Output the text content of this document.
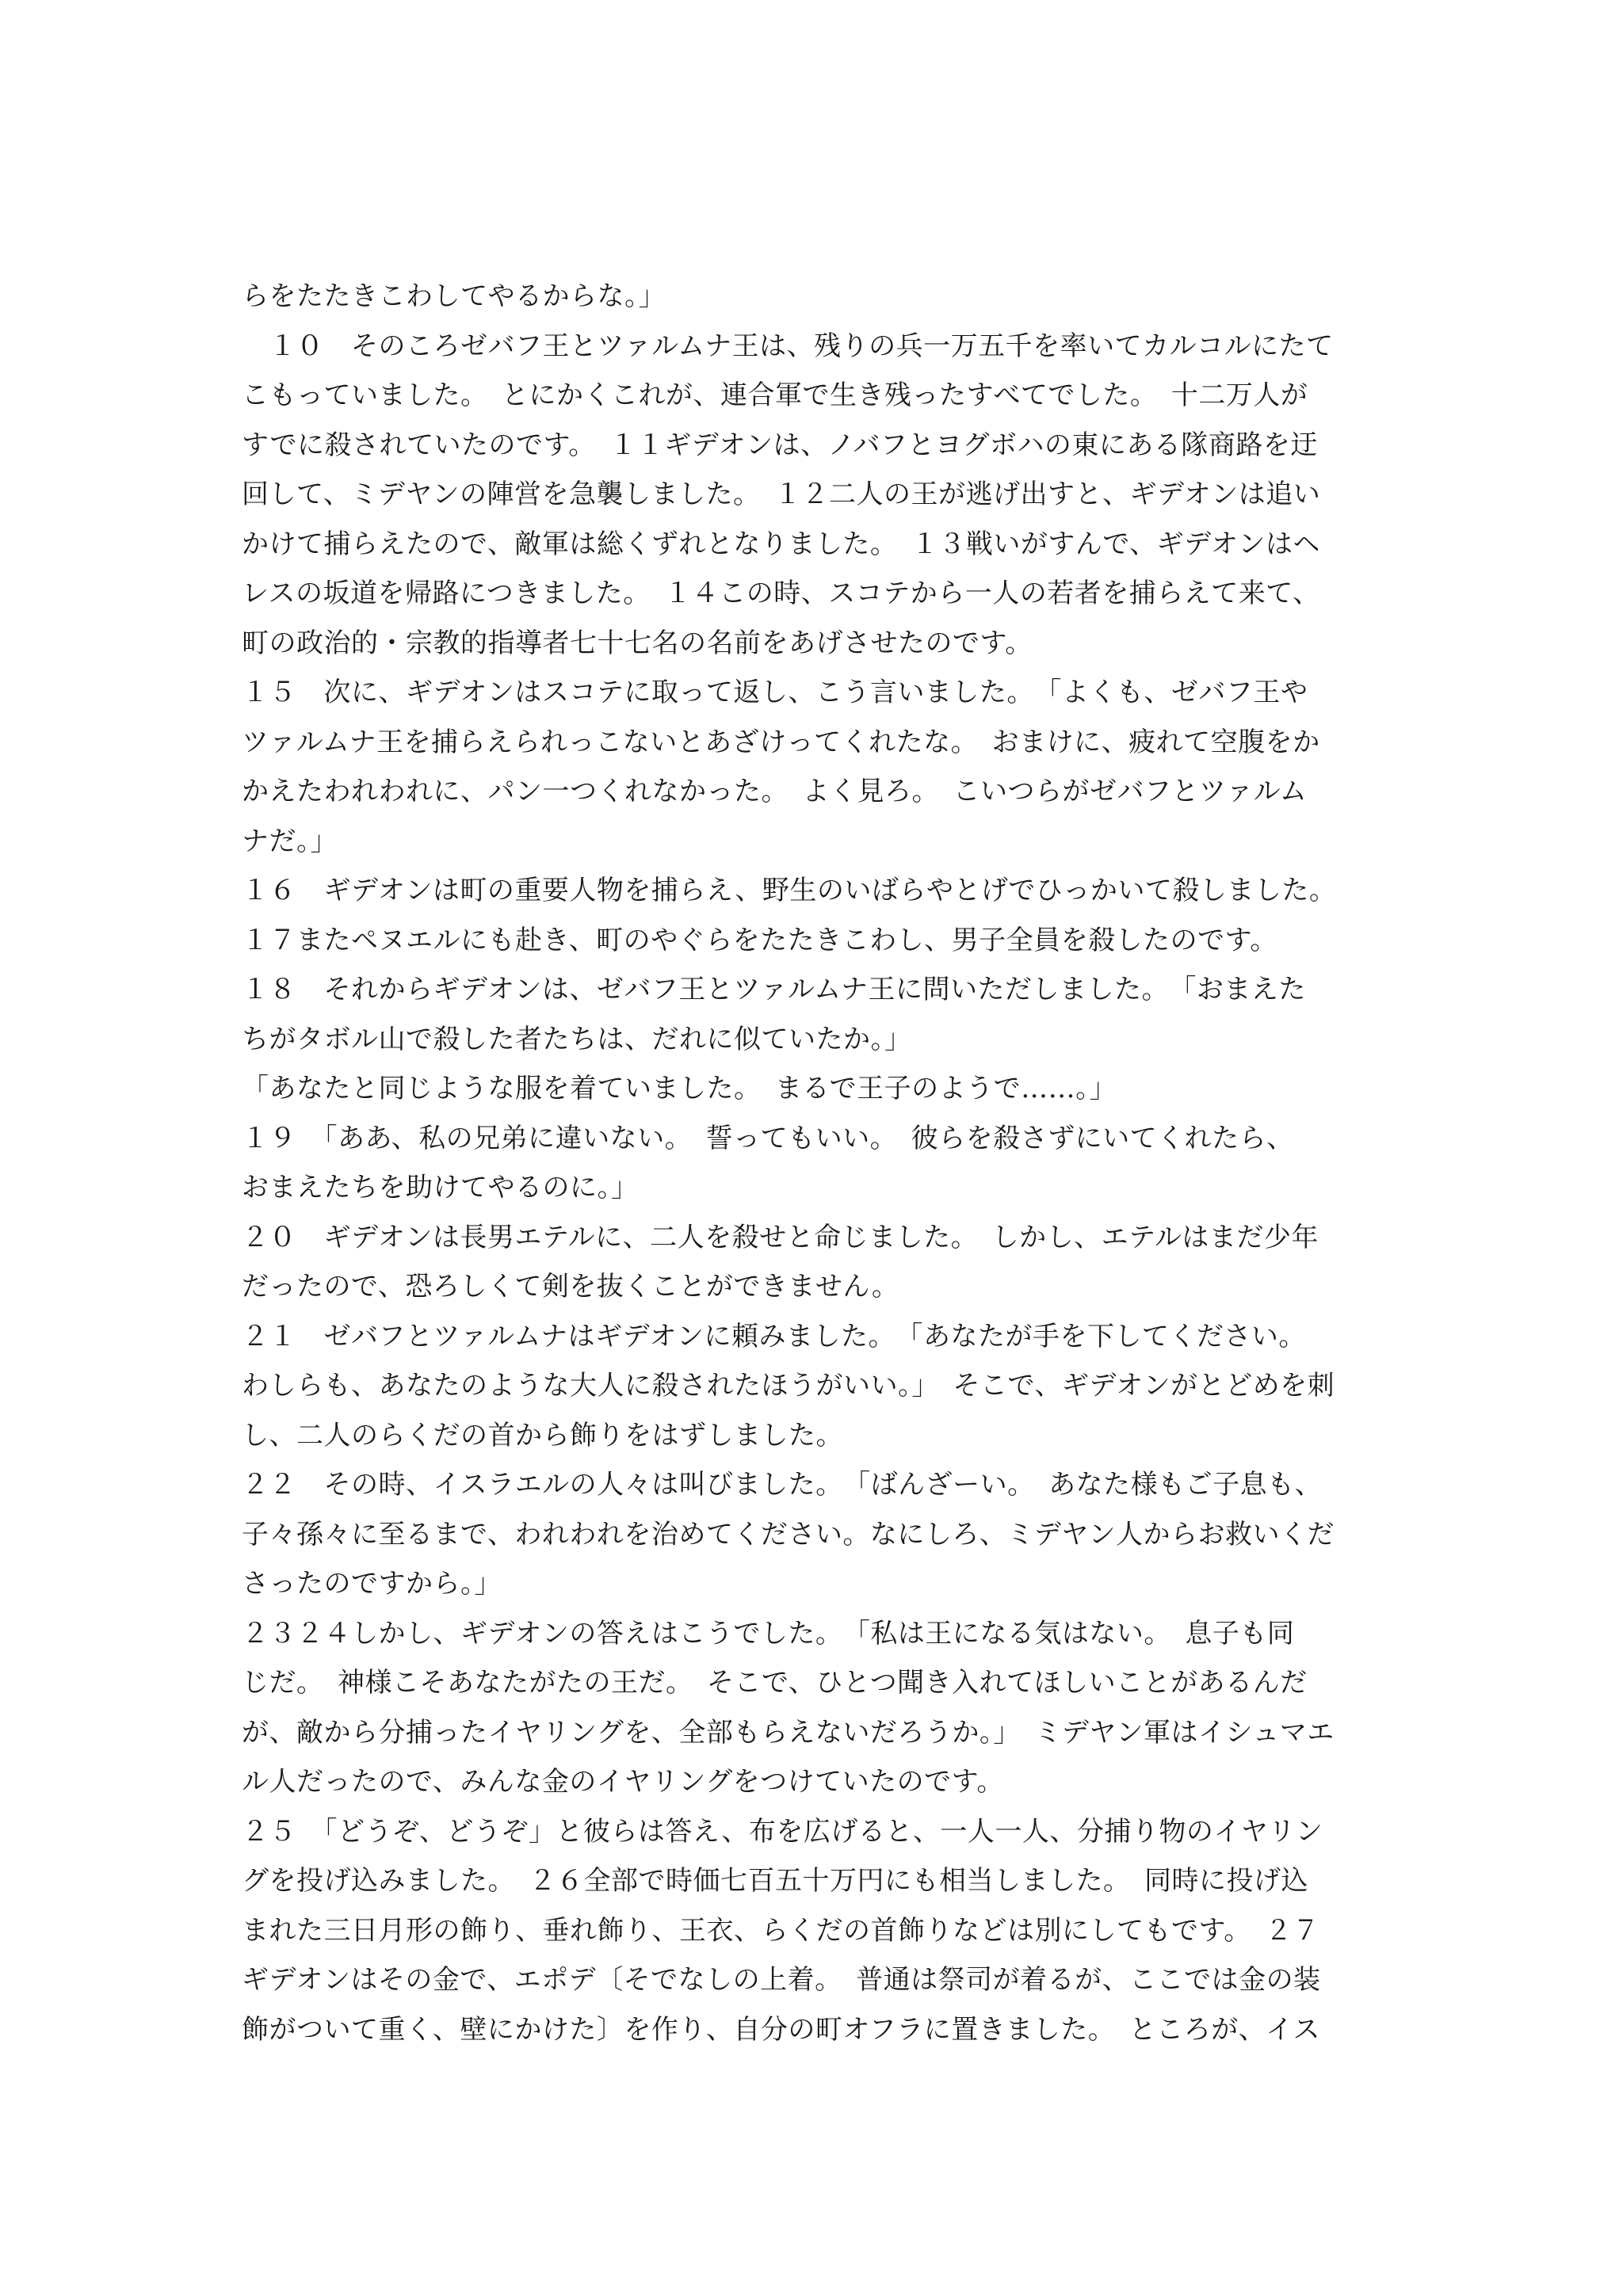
らをたたきこわしてやるからな。」
　１０　そのころゼバフ王とツァルムナ王は、残りの兵一万五千を率いてカルコルにたて
こもっていました。　とにかくこれが、連合軍で生き残ったすべてでした。　十二万人が
すでに殺されていたのです。　１１ギデオンは、ノバフとヨグボハの東にある隊商路を迂
回して、ミデヤンの陣営を急襲しました。　１２二人の王が逃げ出すと、ギデオンは追い
かけて捕らえたので、敵軍は総くずれとなりました。　１３戦いがすんで、ギデオンはヘ
レスの坂道を帰路につきました。　１４この時、スコテから一人の若者を捕らえて来て、
町の政治的・宗教的指導者七十七名の名前をあげさせたのです。
１５　次に、ギデオンはスコテに取って返し、こう言いました。　「よくも、ゼバフ王や
ツァルムナ王を捕らえられっこないとあざけってくれたな。　おまけに、疲れて空腹をか
かえたわれわれに、パン一つくれなかった。　よく見ろ。　こいつらがゼバフとツァルム
ナだ。」
１６　ギデオンは町の重要人物を捕らえ、野生のいばらやとげでひっかいて殺しました。
１７またペヌエルにも赴き、町のやぐらをたたきこわし、男子全員を殺したのです。
１８　それからギデオンは、ゼバフ王とツァルムナ王に問いただしました。　「おまえた
ちがタボル山で殺した者たちは、だれに似ていたか。」
「あなたと同じような服を着ていました。　まるで王子のようで……。」
１９　「ああ、私の兄弟に違いない。　誓ってもいい。　彼らを殺さずにいてくれたら、
おまえたちを助けてやるのに。」
２０　ギデオンは長男エテルに、二人を殺せと命じました。　しかし、エテルはまだ少年
だったので、恐ろしくて剣を抜くことができません。
２１　ゼバフとツァルムナはギデオンに頼みました。　「あなたが手を下してください。
わしらも、あなたのような大人に殺されたほうがいい。」　そこで、ギデオンがとどめを刺
し、二人のらくだの首から飾りをはずしました。
２２　その時、イスラエルの人々は叫びました。　「ばんざーい。　あなた様もご子息も、
子々孫々に至るまで、われわれを治めてください。なにしろ、ミデヤン人からお救いくだ
さったのですから。」
２３２４しかし、ギデオンの答えはこうでした。　「私は王になる気はない。　息子も同
じだ。　神様こそあなたがたの王だ。　そこで、ひとつ聞き入れてほしいことがあるんだ
が、敵から分捕ったイヤリングを、全部もらえないだろうか。」　ミデヤン軍はイシュマエ
ル人だったので、みんな金のイヤリングをつけていたのです。
２５　「どうぞ、どうぞ」と彼らは答え、布を広げると、一人一人、分捕り物のイヤリン
グを投げ込みました。　２６全部で時価七百五十万円にも相当しました。　同時に投げ込
まれた三日月形の飾り、垂れ飾り、王衣、らくだの首飾りなどは別にしてもです。　２７
ギデオンはその金で、エポデ〔そでなしの上着。　普通は祭司が着るが、ここでは金の装
飾がついて重く、壁にかけた〕を作り、自分の町オフラに置きました。　ところが、イス
